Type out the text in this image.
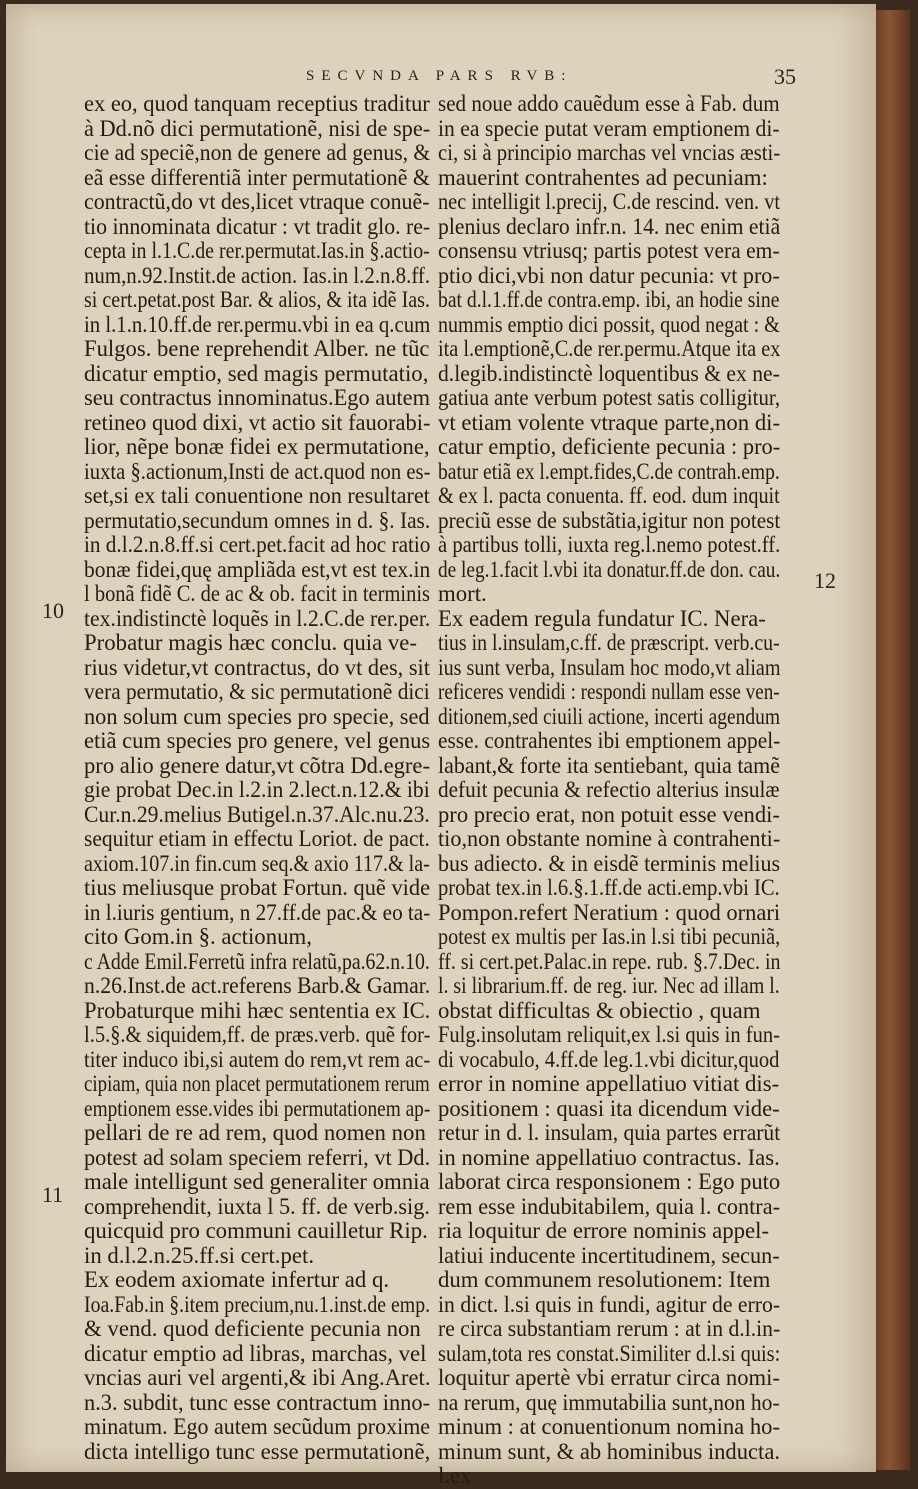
SECVNDA PARS RVB:	35
ex eo, quod tanquam receptius traditur
à Dd.nõ dici permutationẽ, nisi de spe-
cie ad speciẽ,non de genere ad genus, &
eã esse differentiã inter permutationẽ &
contractũ,do vt des,licet vtraque conuẽ-
tio innominata dicatur : vt tradit glo. re-
cepta in l.1.C.de rer.permutat.Ias.in §.actio-
num,n.92.Instit.de action. Ias.in l.2.n.8.ff.
si cert.petat.post Bar. & alios, & ita idẽ Ias.
in l.1.n.10.ff.de rer.permu.vbi in ea q.cum
Fulgos. bene reprehendit Alber. ne tũc
dicatur emptio, sed magis permutatio,
seu contractus innominatus.Ego autem
retineo quod dixi, vt actio sit fauorabi-
lior, nẽpe bonæ fidei ex permutatione,
iuxta §.actionum,Insti de act.quod non es-
set,si ex tali conuentione non resultaret
permutatio,secundum omnes in d. §. Ias.
in d.l.2.n.8.ff.si cert.pet.facit ad hoc ratio
bonæ fidei,quę ampliãda est,vt est tex.in
l bonã fidẽ C. de ac & ob. facit in terminis
tex.indistinctè loquẽs in l.2.C.de rer.per.
Probatur magis hæc conclu. quia ve-
rius videtur,vt contractus, do vt des, sit
vera permutatio, & sic permutationẽ dici
non solum cum species pro specie, sed
etiã cum species pro genere, vel genus
pro alio genere datur,vt cõtra Dd.egre-
gie probat Dec.in l.2.in 2.lect.n.12.& ibi
Cur.n.29.melius Butigel.n.37.Alc.nu.23.
sequitur etiam in effectu Loriot. de pact.
axiom.107.in fin.cum seq.& axio 117.& la-
tius meliusque probat Fortun. quẽ vide
in l.iuris gentium, n 27.ff.de pac.& eo ta-
cito Gom.in §. actionum,
c Adde Emil.Ferretũ infra relatũ,pa.62.n.10.
n.26.Inst.de act.referens Barb.& Gamar.
Probaturque mihi hæc sententia ex IC.
l.5.§.& siquidem,ff. de præs.verb. quẽ for-
titer induco ibi,si autem do rem,vt rem ac-
cipiam, quia non placet permutationem rerum
emptionem esse.vides ibi permutationem ap-
pellari de re ad rem, quod nomen non
potest ad solam speciem referri, vt Dd.
male intelligunt sed generaliter omnia
comprehendit, iuxta l 5. ff. de verb.sig.
quicquid pro communi cauilletur Rip.
in d.l.2.n.25.ff.si cert.pet.
Ex eodem axiomate infertur ad q.
Ioa.Fab.in §.item precium,nu.1.inst.de emp.
& vend. quod deficiente pecunia non
dicatur emptio ad libras, marchas, vel
vncias auri vel argenti,& ibi Ang.Aret.
n.3. subdit, tunc esse contractum inno-
minatum. Ego autem secũdum proxime
dicta intelligo tunc esse permutationẽ,
sed noue addo cauẽdum esse à Fab. dum
in ea specie putat veram emptionem di-
ci, si à principio marchas vel vncias æsti-
mauerint contrahentes ad pecuniam:
nec intelligit l.precij, C.de rescind. ven. vt
plenius declaro infr.n. 14. nec enim etiã
consensu vtriusq; partis potest vera em-
ptio dici,vbi non datur pecunia: vt pro-
bat d.l.1.ff.de contra.emp. ibi, an hodie sine
nummis emptio dici possit, quod negat : &
ita l.emptionẽ,C.de rer.permu.Atque ita ex
d.legib.indistinctè loquentibus & ex ne-
gatiua ante verbum potest satis colligitur,
vt etiam volente vtraque parte,non di-
catur emptio, deficiente pecunia : pro-
batur etiã ex l.empt.fides,C.de contrah.emp.
& ex l. pacta conuenta. ff. eod. dum inquit
preciũ esse de substãtia,igitur non potest
à partibus tolli, iuxta reg.l.nemo potest.ff.
de leg.1.facit l.vbi ita donatur.ff.de don. cau.
mort.
Ex eadem regula fundatur IC. Nera-
tius in l.insulam,c.ff. de præscript. verb.cu-
ius sunt verba, Insulam hoc modo,vt aliam
reficeres vendidi : respondi nullam esse ven-
ditionem,sed ciuili actione, incerti agendum
esse. contrahentes ibi emptionem appel-
labant,& forte ita sentiebant, quia tamẽ
defuit pecunia & refectio alterius insulæ
pro precio erat, non potuit esse vendi-
tio,non obstante nomine à contrahenti-
bus adiecto. & in eisdẽ terminis melius
probat tex.in l.6.§.1.ff.de acti.emp.vbi IC.
Pompon.refert Neratium : quod ornari
potest ex multis per Ias.in l.si tibi pecuniã,
ff. si cert.pet.Palac.in repe. rub. §.7.Dec. in
l. si librarium.ff. de reg. iur. Nec ad illam l.
obstat difficultas & obiectio , quam
Fulg.insolutam reliquit,ex l.si quis in fun-
di vocabulo, 4.ff.de leg.1.vbi dicitur,quod
error in nomine appellatiuo vitiat dis-
positionem : quasi ita dicendum vide-
retur in d. l. insulam, quia partes errarũt
in nomine appellatiuo contractus. Ias.
laborat circa responsionem : Ego puto
rem esse indubitabilem, quia l. contra-
ria loquitur de errore nominis appel-
latiui inducente incertitudinem, secun-
dum communem resolutionem: Item
in dict. l.si quis in fundi, agitur de erro-
re circa substantiam rerum : at in d.l.in-
sulam,tota res constat.Similiter d.l.si quis:
loquitur apertè vbi erratur circa nomi-
na rerum, quę immutabilia sunt,non ho-
minum : at conuentionum nomina ho-
minum sunt, & ab hominibus inducta.
l.ex
10
11
12
